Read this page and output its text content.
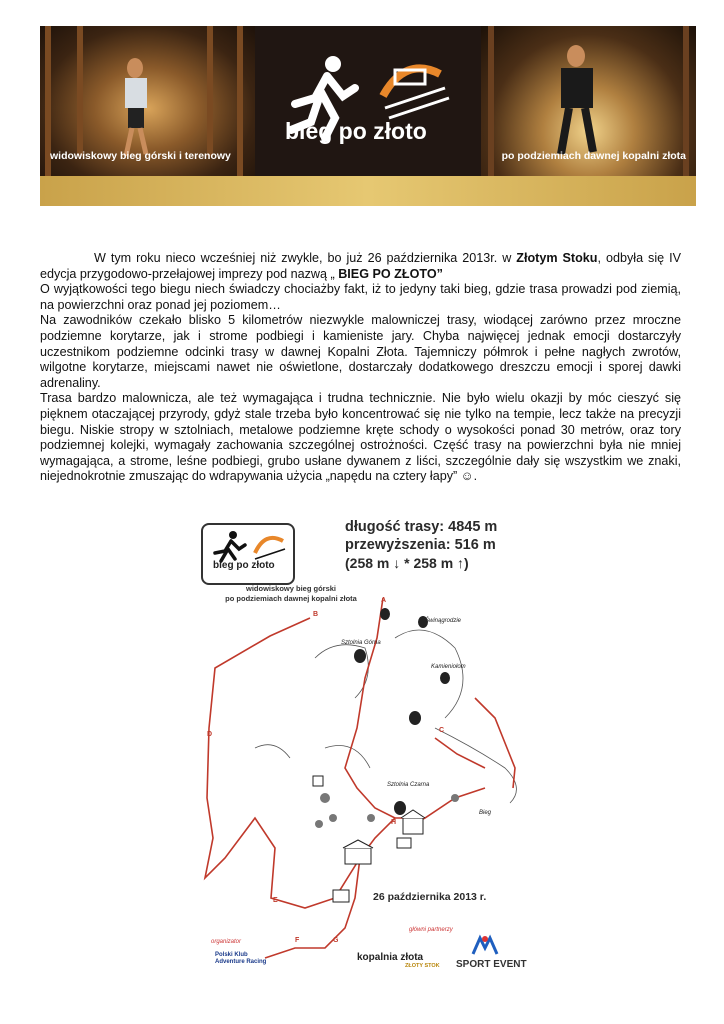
bieg po złoto
widowiskowy bieg górski i terenowy	po podziemiach dawnej kopalni złota

W tym roku nieco wcześniej niż zwykle, bo już 26 października 2013r. w Złotym Stoku, odbyła się IV edycja przygodowo-przełajowej imprezy pod nazwą „ BIEG PO ZŁOTO”

O wyjątkowości tego biegu niech świadczy chociażby fakt, iż to jedyny taki bieg, gdzie trasa prowadzi pod ziemią, na powierzchni oraz ponad jej poziomem…

Na zawodników czekało blisko 5 kilometrów niezwykle malowniczej trasy, wiodącej zarówno przez mroczne podziemne korytarze, jak i strome podbiegi i kamieniste jary. Chyba najwięcej jednak emocji dostarczyły uczestnikom podziemne odcinki trasy w dawnej Kopalni Złota. Tajemniczy półmrok i pełne nagłych zwrotów, wilgotne korytarze, miejscami nawet nie oświetlone, dostarczały dodatkowego dreszczu emocji i sporej dawki adrenaliny.

Trasa bardzo malownicza, ale też wymagająca i trudna technicznie. Nie było wielu okazji by móc cieszyć się pięknem otaczającej przyrody, gdyż stale trzeba było koncentrować się nie tylko na tempie, lecz także na precyzji biegu. Niskie stropy w sztolniach, metalowe podziemne kręte schody o wysokości ponad 30 metrów, oraz tory podziemnej kolejki, wymagały zachowania szczególnej ostrożności. Część trasy na powierzchni była nie mniej wymagająca, a strome, leśne podbiegi, grubo usłane dywanem z liści, szczególnie dały się wszystkim we znaki, niejednokrotnie zmuszając do wdrapywania użycia „napędu na cztery łapy” ☺.

bieg po złoto
długość trasy: 4845 m
przewyższenia: 516 m
(258 m ↓ * 258 m ↑)
widowiskowy bieg górski
po podziemiach dawnej kopalni złota	A
B
C
D
E
F	G
H
Świnągrodzie
Sztolnia Górna
Kamieniołom
Sztolnia Czarna
Bieg
26 października 2013 r.
główni partnerzy
organizator
Polski Klub
Adventure Racing	kopalnia złota
ZŁOTY STOK SPORT EVENT
